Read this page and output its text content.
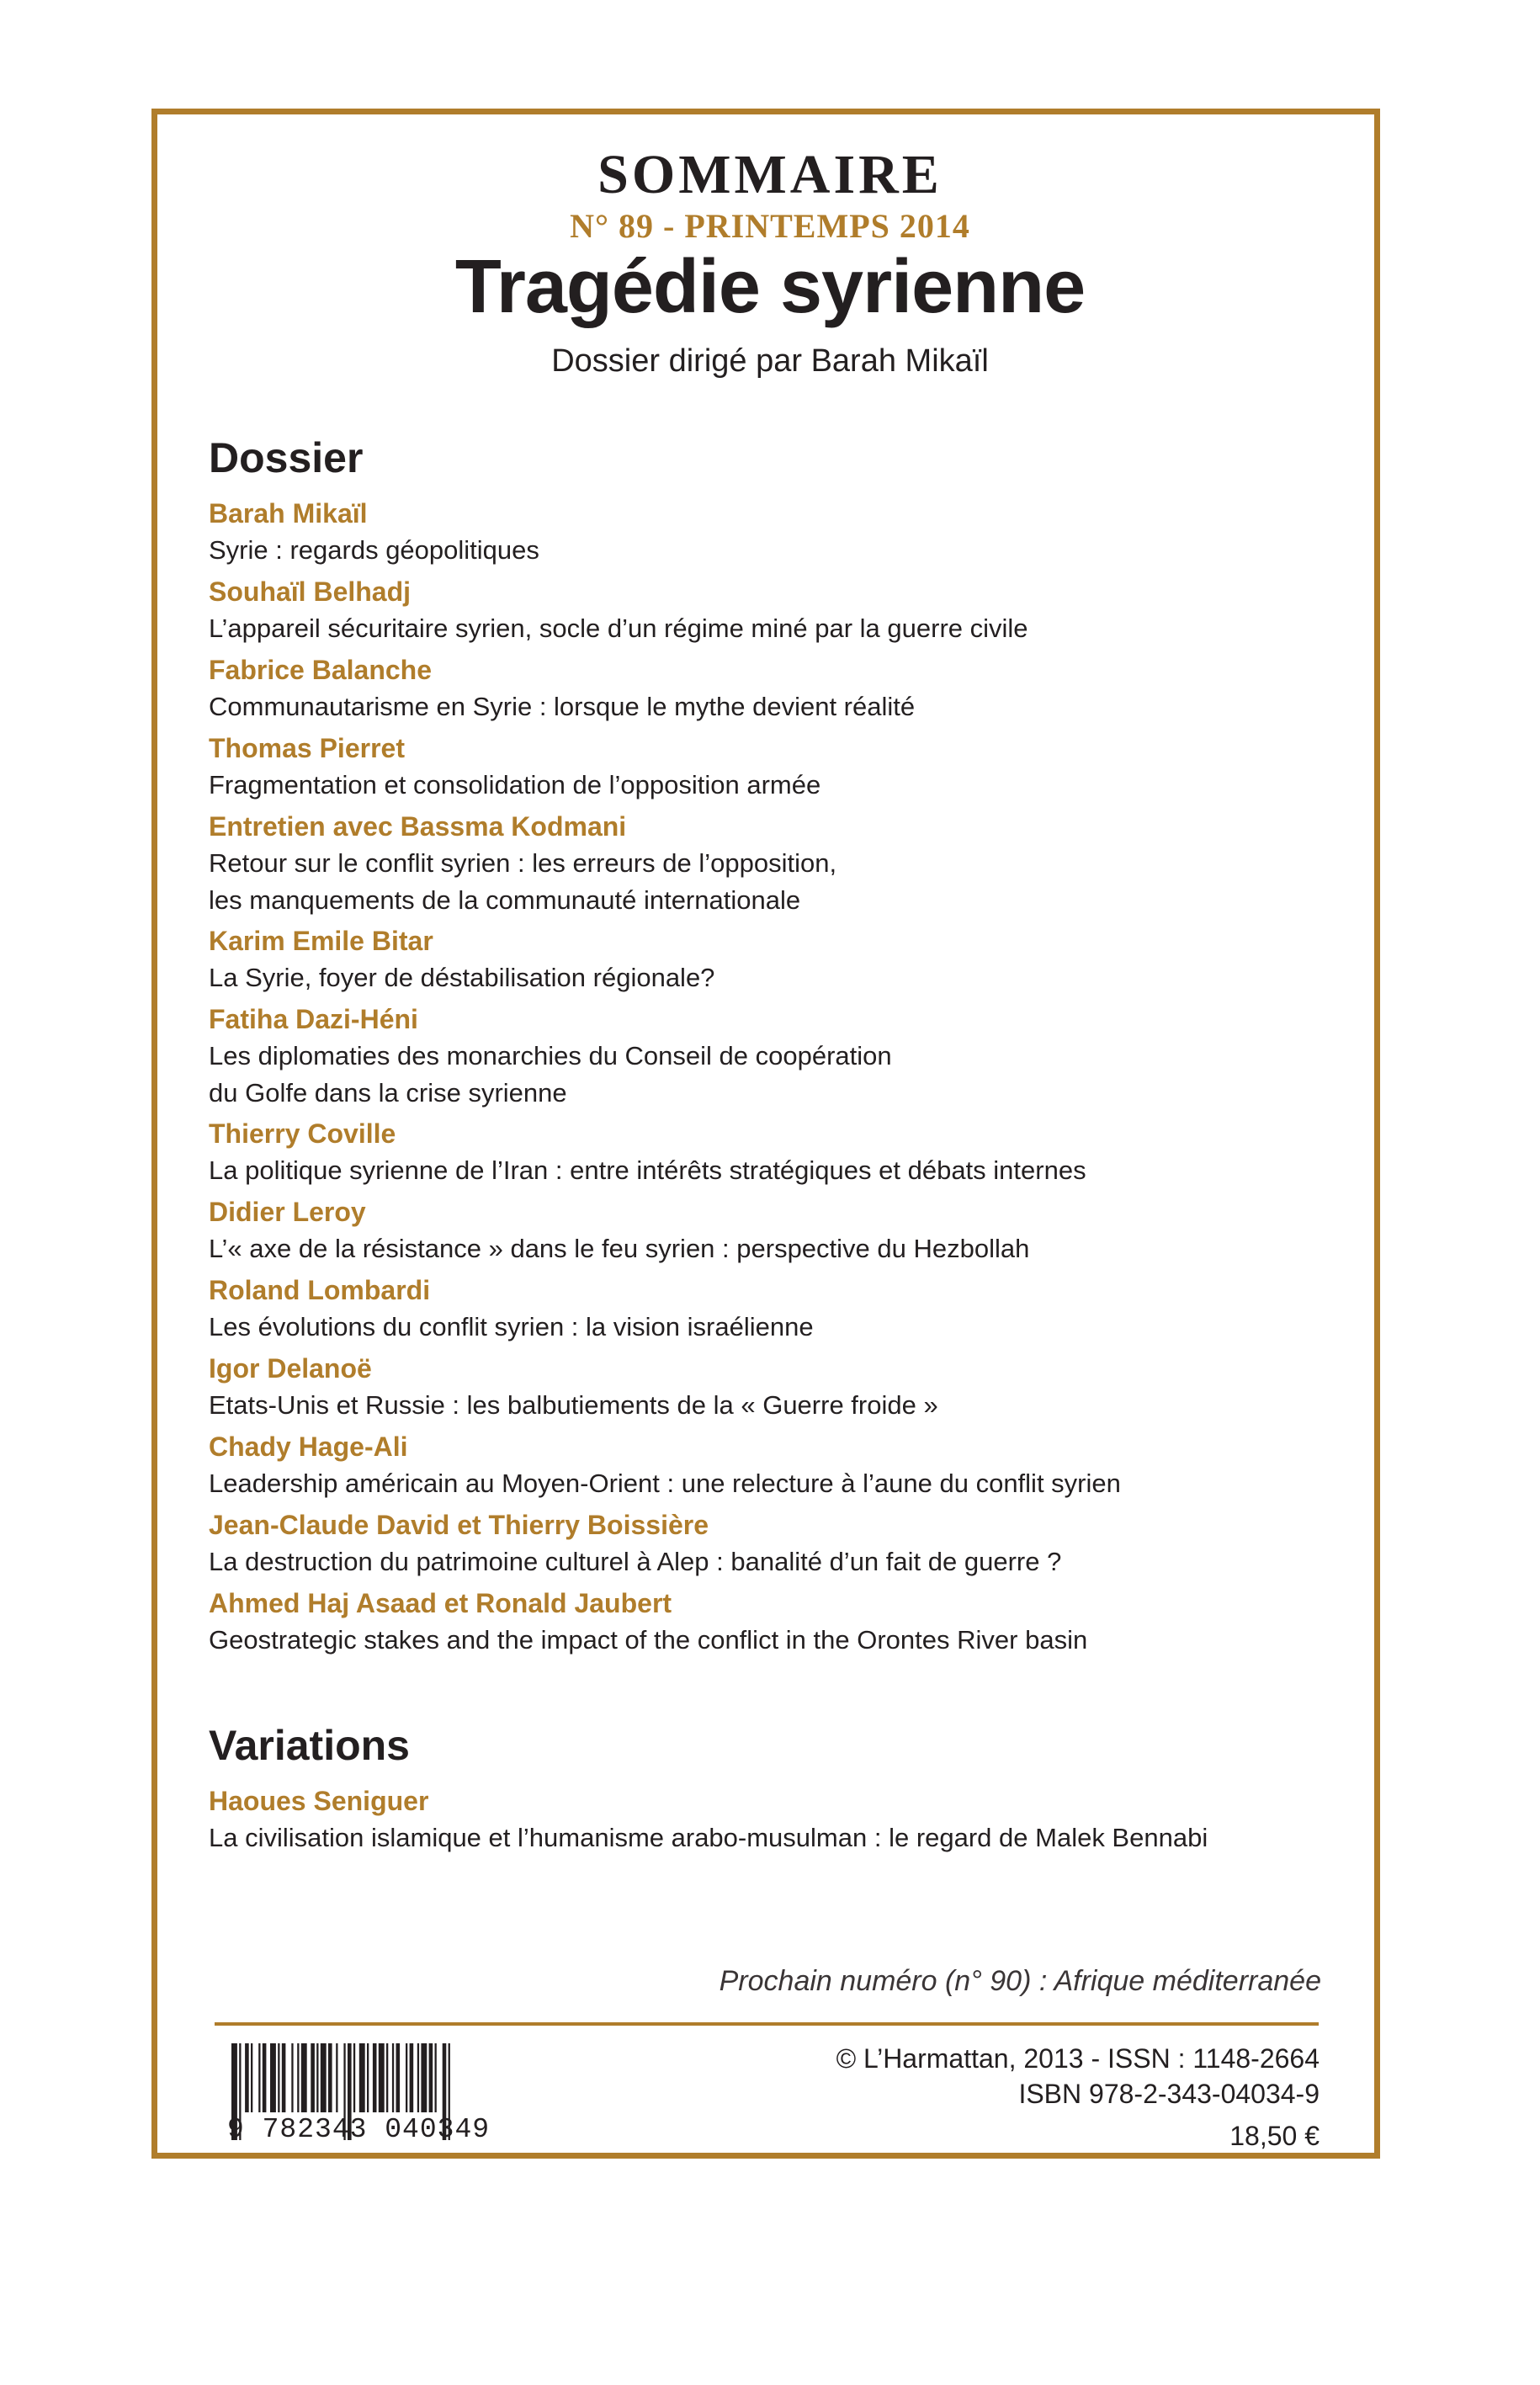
SOMMAIRE
N° 89 - PRINTEMPS 2014
Tragédie syrienne
Dossier dirigé par Barah Mikaïl
Dossier
Barah Mikaïl
Syrie : regards géopolitiques
Souhaïl Belhadj
L’appareil sécuritaire syrien, socle d’un régime miné par la guerre civile
Fabrice Balanche
Communautarisme en Syrie : lorsque le mythe devient réalité
Thomas Pierret
Fragmentation et consolidation de l’opposition armée
Entretien avec Bassma Kodmani
Retour sur le conflit syrien : les erreurs de l’opposition,
les manquements de la communauté internationale
Karim Emile Bitar
La Syrie, foyer de déstabilisation régionale?
Fatiha Dazi-Héni
Les diplomaties des monarchies du Conseil de coopération
du Golfe dans la crise syrienne
Thierry Coville
La politique syrienne de l’Iran : entre intérêts stratégiques et débats internes
Didier Leroy
L’« axe de la résistance » dans le feu syrien : perspective du Hezbollah
Roland Lombardi
Les évolutions du conflit syrien : la vision israélienne
Igor Delanoë
Etats-Unis et Russie : les balbutiements de la « Guerre froide »
Chady Hage-Ali
Leadership américain au Moyen-Orient : une relecture à l’aune du conflit syrien
Jean-Claude David et Thierry Boissière
La destruction du patrimoine culturel à Alep : banalité d’un fait de guerre ?
Ahmed Haj Asaad et Ronald Jaubert
Geostrategic stakes and the impact of the conflict in the Orontes River basin
Variations
Haoues Seniguer
La civilisation islamique et l’humanisme arabo-musulman : le regard de Malek Bennabi
Prochain numéro (n° 90) : Afrique méditerranée
9 782343 040349
© L’Harmattan, 2013 - ISSN : 1148-2664
ISBN 978-2-343-04034-9
18,50 €
